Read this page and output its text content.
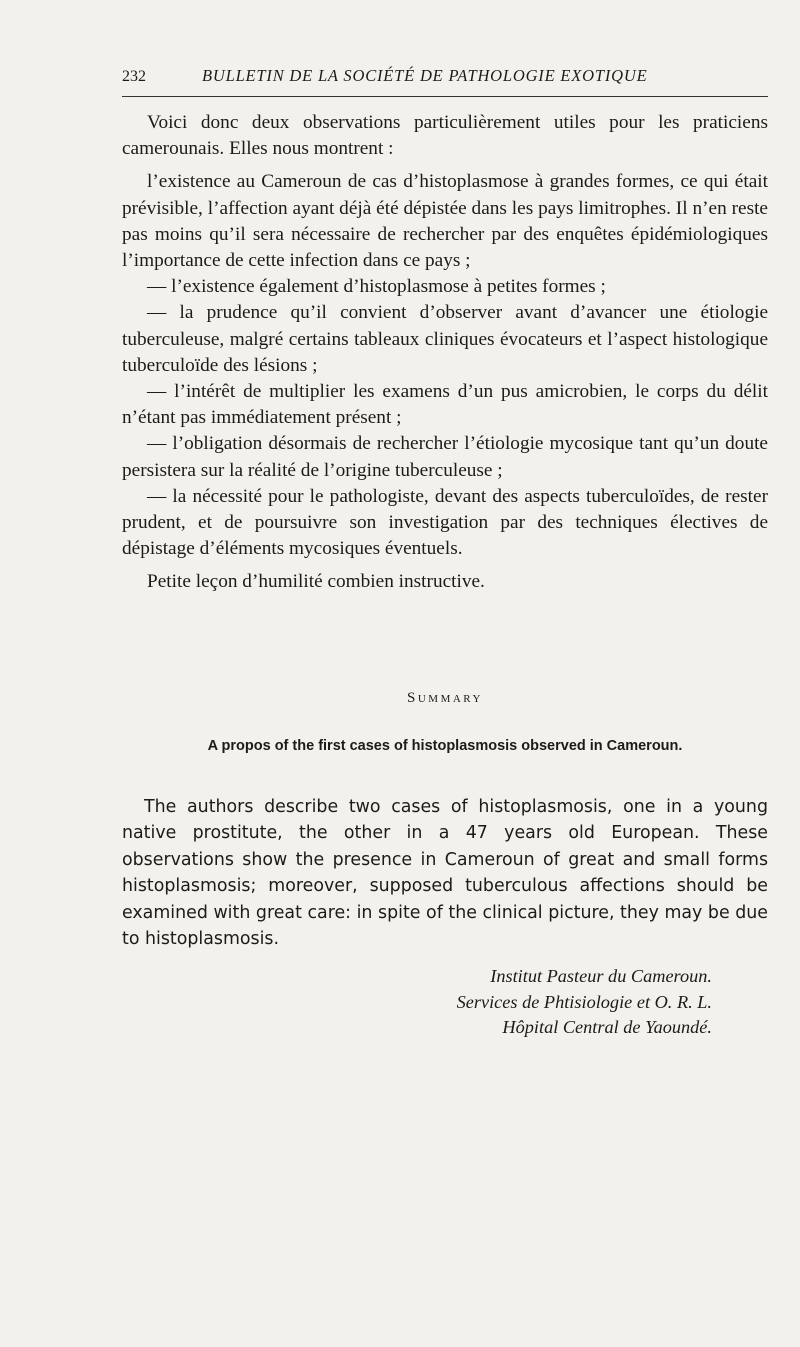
232	BULLETIN DE LA SOCIÉTÉ DE PATHOLOGIE EXOTIQUE

Voici donc deux observations particulièrement utiles pour les praticiens camerounais. Elles nous montrent :

l’existence au Cameroun de cas d’histoplasmose à grandes formes, ce qui était prévisible, l’affection ayant déjà été dépistée dans les pays limitrophes. Il n’en reste pas moins qu’il sera nécessaire de rechercher par des enquêtes épidémiologiques l’importance de cette infection dans ce pays ;

— l’existence également d’histoplasmose à petites formes ;

— la prudence qu’il convient d’observer avant d’avancer une étiologie tuberculeuse, malgré certains tableaux cliniques évocateurs et l’aspect histologique tuberculoïde des lésions ;

— l’intérêt de multiplier les examens d’un pus amicrobien, le corps du délit n’étant pas immédiatement présent ;

— l’obligation désormais de rechercher l’étiologie mycosique tant qu’un doute persistera sur la réalité de l’origine tuberculeuse ;

— la nécessité pour le pathologiste, devant des aspects tuberculoïdes, de rester prudent, et de poursuivre son investigation par des techniques électives de dépistage d’éléments mycosiques éventuels.

Petite leçon d’humilité combien instructive.

Summary
A propos of the first cases of histoplasmosis observed in Cameroun.

The authors describe two cases of histoplasmosis, one in a young native prostitute, the other in a 47 years old European. These observations show the presence in Cameroun of great and small forms histoplasmosis; moreover, supposed tuberculous affections should be examined with great care: in spite of the clinical picture, they may be due to histoplasmosis.

Institut Pasteur du Cameroun.
Services de Phtisiologie et O. R. L.
Hôpital Central de Yaoundé.
